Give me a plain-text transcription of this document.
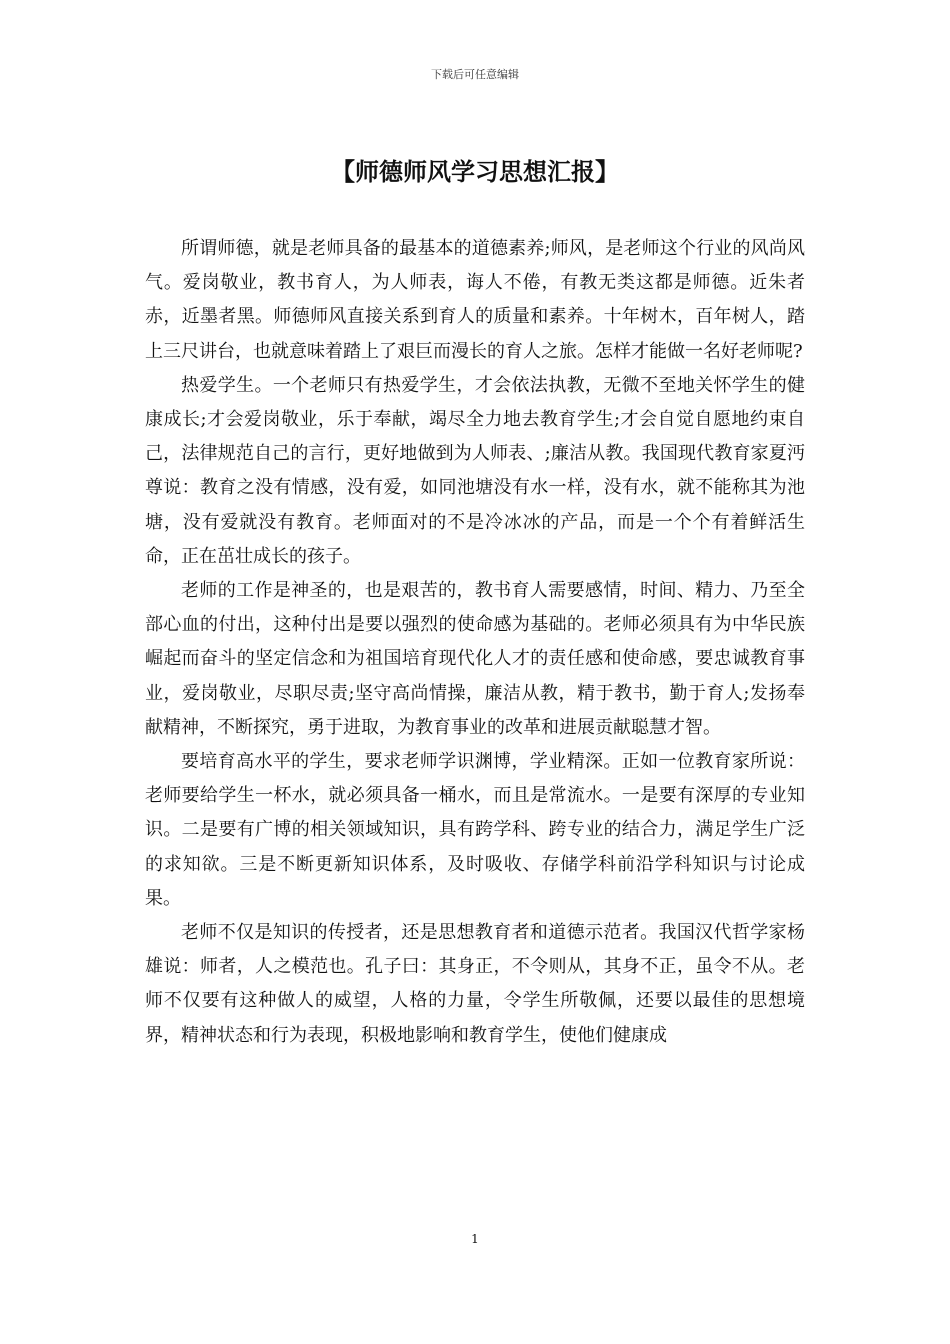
下载后可任意编辑
【师德师风学习思想汇报】

所谓师德，就是老师具备的最基本的道德素养;师风，是老师这个行业的风尚风气。爱岗敬业，教书育人，为人师表，诲人不倦，有教无类这都是师德。近朱者赤，近墨者黑。师德师风直接关系到育人的质量和素养。十年树木，百年树人，踏上三尺讲台，也就意味着踏上了艰巨而漫长的育人之旅。怎样才能做一名好老师呢?

热爱学生。一个老师只有热爱学生，才会依法执教，无微不至地关怀学生的健康成长;才会爱岗敬业，乐于奉献，竭尽全力地去教育学生;才会自觉自愿地约束自己，法律规范自己的言行，更好地做到为人师表、;廉洁从教。我国现代教育家夏沔尊说：教育之没有情感，没有爱，如同池塘没有水一样，没有水，就不能称其为池塘，没有爱就没有教育。老师面对的不是冷冰冰的产品，而是一个个有着鲜活生命，正在茁壮成长的孩子。

老师的工作是神圣的，也是艰苦的，教书育人需要感情，时间、精力、乃至全部心血的付出，这种付出是要以强烈的使命感为基础的。老师必须具有为中华民族崛起而奋斗的坚定信念和为祖国培育现代化人才的责任感和使命感，要忠诚教育事业，爱岗敬业，尽职尽责;坚守高尚情操，廉洁从教，精于教书，勤于育人;发扬奉献精神，不断探究，勇于进取，为教育事业的改革和进展贡献聪慧才智。

要培育高水平的学生，要求老师学识渊博，学业精深。正如一位教育家所说：老师要给学生一杯水，就必须具备一桶水，而且是常流水。一是要有深厚的专业知识。二是要有广博的相关领域知识，具有跨学科、跨专业的结合力，满足学生广泛的求知欲。三是不断更新知识体系，及时吸收、存储学科前沿学科知识与讨论成果。

老师不仅是知识的传授者，还是思想教育者和道德示范者。我国汉代哲学家杨雄说：师者，人之模范也。孔子曰：其身正，不令则从，其身不正，虽令不从。老师不仅要有这种做人的威望，人格的力量，令学生所敬佩，还要以最佳的思想境界，精神状态和行为表现，积极地影响和教育学生，使他们健康成

1
